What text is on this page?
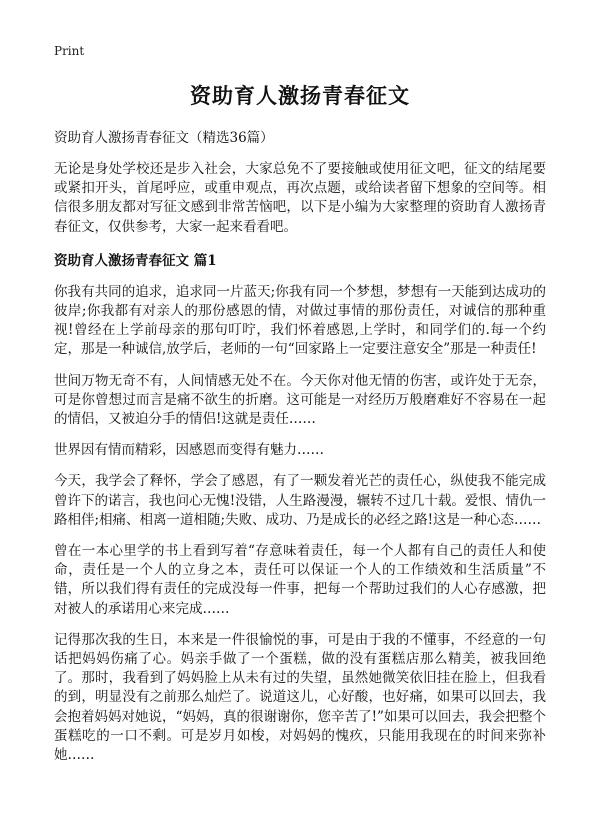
Print
资助育人激扬青春征文
资助育人激扬青春征文（精选36篇）

无论是身处学校还是步入社会，大家总免不了要接触或使用征文吧，征文的结尾要或紧扣开头，首尾呼应，或重申观点，再次点题，或给读者留下想象的空间等。相信很多朋友都对写征文感到非常苦恼吧，以下是小编为大家整理的资助育人激扬青春征文，仅供参考，大家一起来看看吧。

资助育人激扬青春征文 篇1

你我有共同的追求，追求同一片蓝天;你我有同一个梦想，梦想有一天能到达成功的彼岸;你我都有对亲人的那份感恩的情，对做过事情的那份责任，对诚信的那种重视!曾经在上学前母亲的那句叮咛，我们怀着感恩,上学时，和同学们的.每一个约定，那是一种诚信,放学后，老师的一句“回家路上一定要注意安全”那是一种责任!

世间万物无奇不有，人间情感无处不在。今天你对他无情的伤害，或许处于无奈，可是你曾想过而言是痛不欲生的折磨。这可能是一对经历万般磨难好不容易在一起的情侣，又被迫分手的情侣!这就是责任……

世界因有情而精彩，因感恩而变得有魅力……

今天，我学会了释怀，学会了感恩，有了一颗发着光芒的责任心，纵使我不能完成曾许下的诺言，我也问心无愧!没错，人生路漫漫，辗转不过几十载。爱恨、情仇一路相伴;相痛、相离一道相随;失败、成功、乃是成长的必经之路!这是一种心态……

曾在一本心里学的书上看到写着“存意味着责任，每一个人都有自己的责任人和使命，责任是一个人的立身之本，责任可以保证一个人的工作绩效和生活质量”不错，所以我们得有责任的完成没每一件事，把每一个帮助过我们的人心存感激，把对被人的承诺用心来完成……

记得那次我的生日，本来是一件很愉悦的事，可是由于我的不懂事，不经意的一句话把妈妈伤痛了心。妈亲手做了一个蛋糕，做的没有蛋糕店那么精美，被我回绝了。那时，我看到了妈妈脸上从未有过的失望，虽然她微笑依旧挂在脸上，但我看的到，明显没有之前那么灿烂了。说道这儿，心好酸，也好痛，如果可以回去，我会抱着妈妈对她说，“妈妈，真的很谢谢你，您辛苦了!”如果可以回去，我会把整个蛋糕吃的一口不剩。可是岁月如梭，对妈妈的愧疚，只能用我现在的时间来弥补她……
